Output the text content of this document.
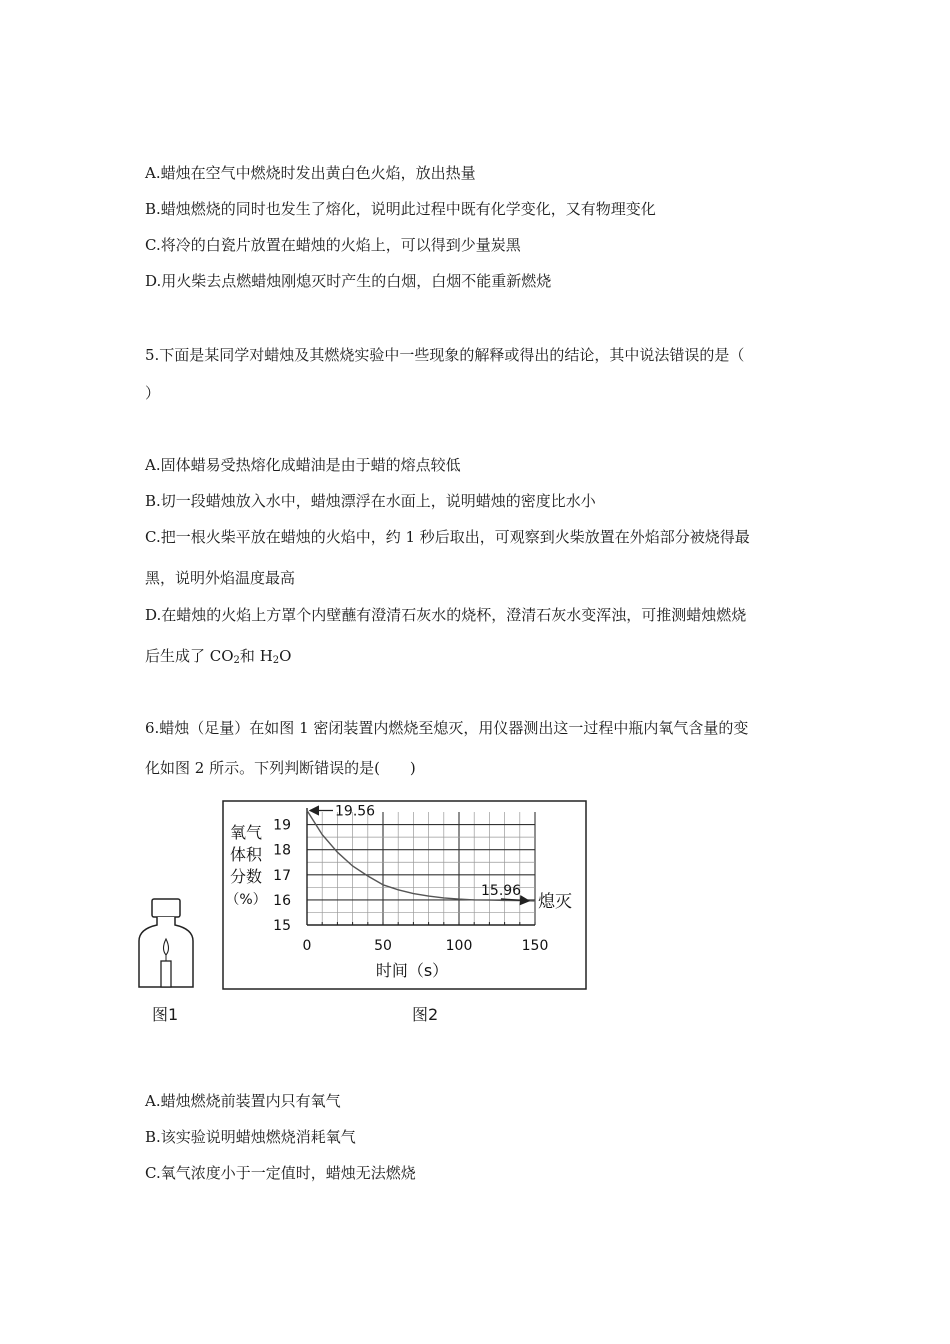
A.蜡烛在空气中燃烧时发出黄白色火焰，放出热量
B.蜡烛燃烧的同时也发生了熔化，说明此过程中既有化学变化，又有物理变化
C.将冷的白瓷片放置在蜡烛的火焰上，可以得到少量炭黑
D.用火柴去点燃蜡烛刚熄灭时产生的白烟，白烟不能重新燃烧
5.下面是某同学对蜡烛及其燃烧实验中一些现象的解释或得出的结论，其中说法错误的是（
）
A.固体蜡易受热熔化成蜡油是由于蜡的熔点较低
B.切一段蜡烛放入水中，蜡烛漂浮在水面上，说明蜡烛的密度比水小
C.把一根火柴平放在蜡烛的火焰中，约 1 秒后取出，可观察到火柴放置在外焰部分被烧得最
黑，说明外焰温度最高
D.在蜡烛的火焰上方罩个内壁蘸有澄清石灰水的烧杯，澄清石灰水变浑浊，可推测蜡烛燃烧
后生成了 $CO_2$和 $H_2O$
6.蜡烛（足量）在如图 1 密闭装置内燃烧至熄灭，用仪器测出这一过程中瓶内氧气含量的变
化如图 2 所示。下列判断错误的是(　　)
图1
氧气
体积
分数
（%）
时间（s）
0	50	100	150
19
18
17
16
15
19.56
15.96
熄灭
图2
A.蜡烛燃烧前装置内只有氧气
B.该实验说明蜡烛燃烧消耗氧气
C.氧气浓度小于一定值时，蜡烛无法燃烧
